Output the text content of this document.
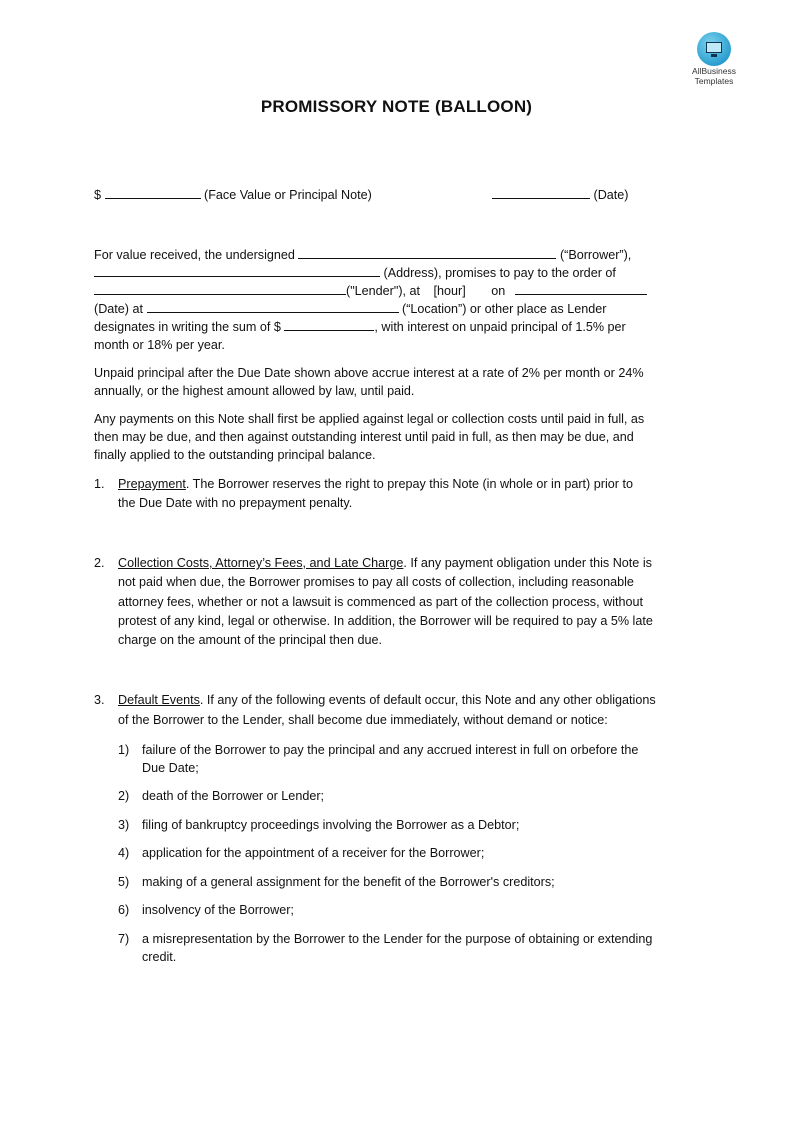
AllBusiness
Templates
PROMISSORY NOTE (BALLOON)
$	(Face Value or Principal Note)	(Date)
For value received, the undersigned	(“Borrower”),
(Address), promises to pay to the order of
("Lender"), at [hour] on
(Date) at	(“Location”) or other place as Lender
designates in writing the sum of $	, with interest on unpaid principal of 1.5% per
month or 18% per year.
Unpaid principal after the Due Date shown above accrue interest at a rate of 2% per month or 24%
annually, or the highest amount allowed by law, until paid.
Any payments on this Note shall first be applied against legal or collection costs until paid in full, as
then may be due, and then against outstanding interest until paid in full, as then may be due, and
finally applied to the outstanding principal balance.
1. Prepayment. The Borrower reserves the right to prepay this Note (in whole or in part) prior to
the Due Date with no prepayment penalty.
2. Collection Costs, Attorney’s Fees, and Late Charge. If any payment obligation under this Note is
not paid when due, the Borrower promises to pay all costs of collection, including reasonable
attorney fees, whether or not a lawsuit is commenced as part of the collection process, without
protest of any kind, legal or otherwise. In addition, the Borrower will be required to pay a 5% late
charge on the amount of the principal then due.
3. Default Events. If any of the following events of default occur, this Note and any other obligations
of the Borrower to the Lender, shall become due immediately, without demand or notice:
1) failure of the Borrower to pay the principal and any accrued interest in full on orbefore the
Due Date;
2) death of the Borrower or Lender;
3) filing of bankruptcy proceedings involving the Borrower as a Debtor;
4) application for the appointment of a receiver for the Borrower;
5) making of a general assignment for the benefit of the Borrower's creditors;
6) insolvency of the Borrower;
7) a misrepresentation by the Borrower to the Lender for the purpose of obtaining or extending
credit.
